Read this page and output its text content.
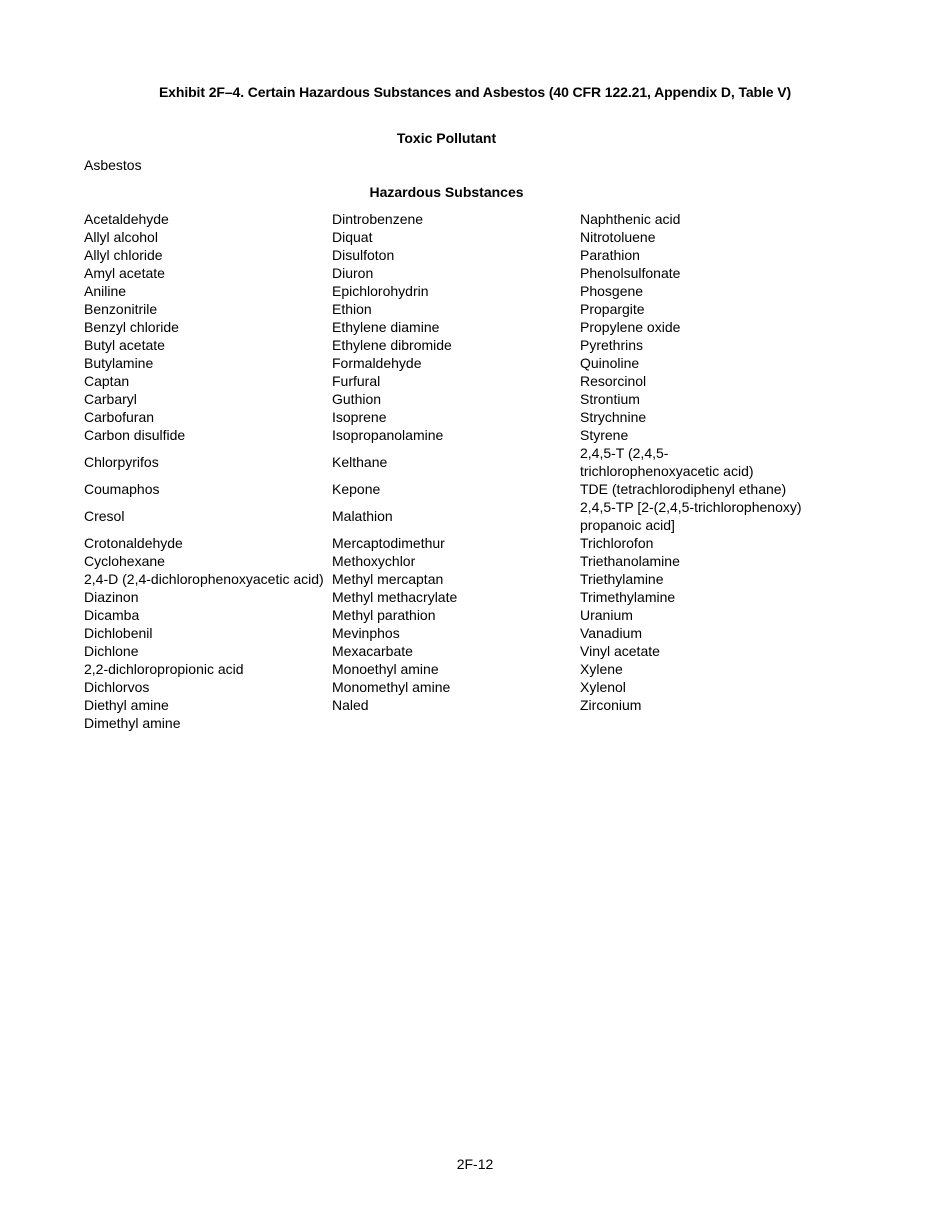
Exhibit 2F–4. Certain Hazardous Substances and Asbestos (40 CFR 122.21, Appendix D, Table V)
Toxic Pollutant
Asbestos
Hazardous Substances
Acetaldehyde	Dintrobenzene	Naphthenic acid
Allyl alcohol	Diquat	Nitrotoluene
Allyl chloride	Disulfoton	Parathion
Amyl acetate	Diuron	Phenolsulfonate
Aniline	Epichlorohydrin	Phosgene
Benzonitrile	Ethion	Propargite
Benzyl chloride	Ethylene diamine	Propylene oxide
Butyl acetate	Ethylene dibromide	Pyrethrins
Butylamine	Formaldehyde	Quinoline
Captan	Furfural	Resorcinol
Carbaryl	Guthion	Strontium
Carbofuran	Isoprene	Strychnine
Carbon disulfide	Isopropanolamine	Styrene
Chlorpyrifos	Kelthane	2,4,5-T (2,4,5-trichlorophenoxyacetic acid)
Coumaphos	Kepone	TDE (tetrachlorodiphenyl ethane)
Cresol	Malathion	2,4,5-TP [2-(2,4,5-trichlorophenoxy) propanoic acid]
Crotonaldehyde	Mercaptodimethur	Trichlorofon
Cyclohexane	Methoxychlor	Triethanolamine
2,4-D (2,4-dichlorophenoxyacetic acid)	Methyl mercaptan	Triethylamine
Diazinon	Methyl methacrylate	Trimethylamine
Dicamba	Methyl parathion	Uranium
Dichlobenil	Mevinphos	Vanadium
Dichlone	Mexacarbate	Vinyl acetate
2,2-dichloropropionic acid	Monoethyl amine	Xylene
Dichlorvos	Monomethyl amine	Xylenol
Diethyl amine	Naled	Zirconium
Dimethyl amine		
2F-12
